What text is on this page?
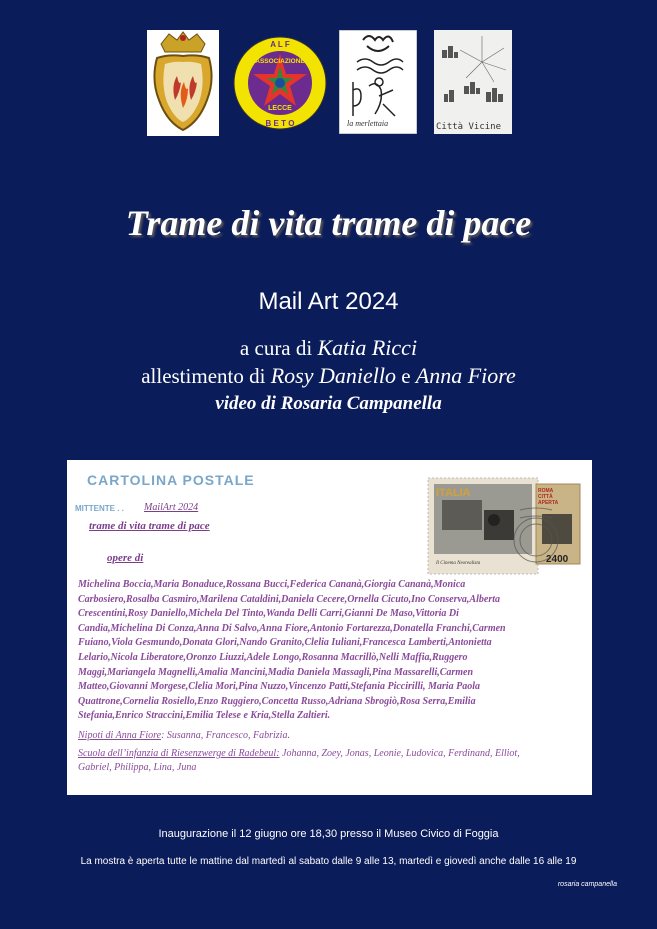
ASSOCIAZIONE
LECCE
A L F
B E T O	la merlettaia	Città Vicine
Trame di vita trame di pace
Mail Art 2024
a cura di Katia Ricci
allestimento di Rosy Daniello e Anna Fiore
video di Rosaria Campanella
CARTOLINA POSTALE
MITTENTE . . MailArt 2024
trame di vita trame di pace
opere di
Michelina Boccia,Maria Bonaduce,Rossana Bucci,Federica Cananà,Giorgia Cananà,Monica Carbosiero,Rosalba Casmiro,Marilena Cataldini,Daniela Cecere,Ornella Cicuto,Ino Conserva,Alberta Crescentini,Rosy Daniello,Michela Del Tinto,Wanda Delli Carri,Gianni De Maso,Vittoria Di Candia,Michelina Di Conza,Anna Di Salvo,Anna Fiore,Antonio Fortarezza,Donatella Franchi,Carmen Fuiano,Viola Gesmundo,Donata Glori,Nando Granito,Clelia Iuliani,Francesca Lamberti,Antonietta Lelario,Nicola Liberatore,Oronzo Liuzzi,Adele Longo,Rosanna Macrillò,Nelli Maffia,Ruggero Maggi,Mariangela Magnelli,Amalia Mancini,Madia Daniela Massagli,Pina Massarelli,Carmen Matteo,Giovanni Morgese,Clelia Mori,Pina Nuzzo,Vincenzo Patti,Stefania Piccirilli, Maria Paola Quattrone,Cornelia Rosiello,Enzo Ruggiero,Concetta Russo,Adriana Sbrogiò,Rosa Serra,Emilia Stefania,Enrico Straccini,Emilia Telese e Kria,Stella Zaltieri.
Nipoti di Anna Fiore: Susanna, Francesco, Fabrizia.
Scuola dell’infanzia di Riesenzwerge di Radebeul: Johanna, Zoey, Jonas, Leonie, Ludovica, Ferdinand, Elliot, Gabriel, Philippa, Lina, Juna
ITALIA
Il Cinema Neorealista
ROMA
CITTÀ
APERTA
2400
Inaugurazione il 12 giugno ore 18,30 presso il Museo Civico di Foggia
La mostra è aperta tutte le mattine dal martedì al sabato dalle 9 alle 13, martedì e giovedì anche dalle 16 alle 19
rosaria campanella
